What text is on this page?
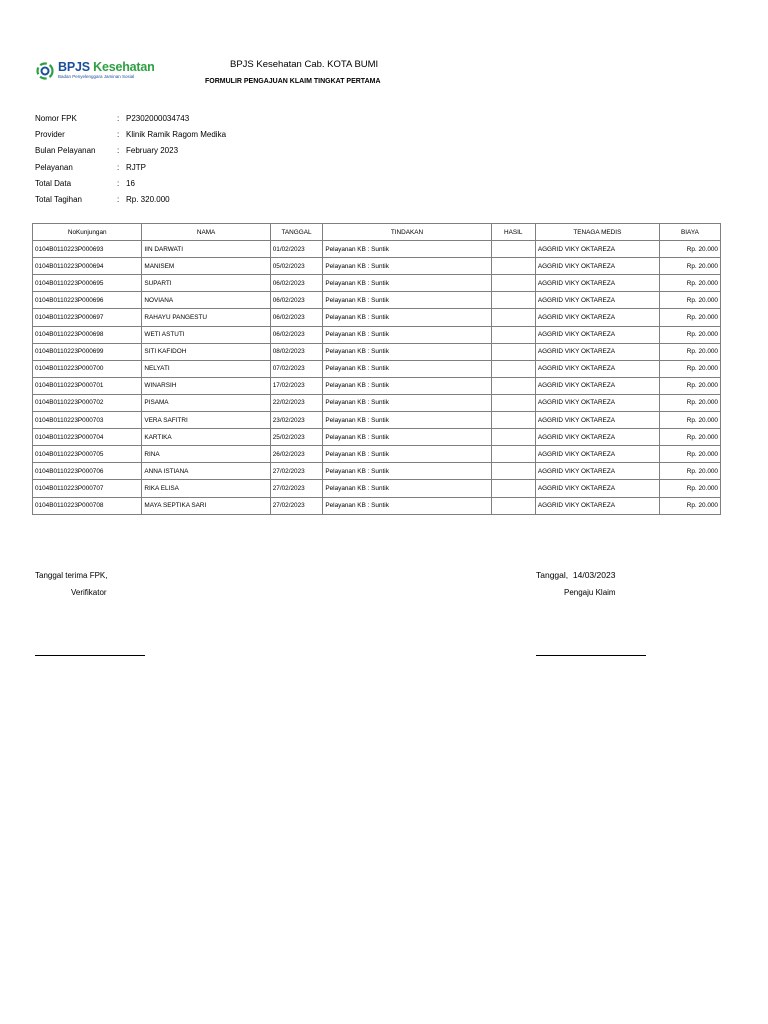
BPJS Kesehatan
Badan Penyelenggara Jaminan Sosial
BPJS Kesehatan Cab. KOTA BUMI
FORMULIR PENGAJUAN KLAIM TINGKAT PERTAMA
Nomor FPK	: P2302000034743
Provider	: Klinik Ramik Ragom Medika
Bulan Pelayanan	: February 2023
Pelayanan	: RJTP
Total Data	: 16
Total Tagihan	: Rp. 320.000
NoKunjungan	NAMA	TANGGAL	TINDAKAN	HASIL	TENAGA MEDIS	BIAYA
0104B0110223P000693	IIN DARWATI	01/02/2023	Pelayanan KB : Suntik		AGGRID VIKY OKTAREZA	Rp. 20.000
0104B0110223P000694	MANISEM	05/02/2023	Pelayanan KB : Suntik		AGGRID VIKY OKTAREZA	Rp. 20.000
0104B0110223P000695	SUPARTI	06/02/2023	Pelayanan KB : Suntik		AGGRID VIKY OKTAREZA	Rp. 20.000
0104B0110223P000696	NOVIANA	06/02/2023	Pelayanan KB : Suntik		AGGRID VIKY OKTAREZA	Rp. 20.000
0104B0110223P000697	RAHAYU PANGESTU	06/02/2023	Pelayanan KB : Suntik		AGGRID VIKY OKTAREZA	Rp. 20.000
0104B0110223P000698	WETI ASTUTI	06/02/2023	Pelayanan KB : Suntik		AGGRID VIKY OKTAREZA	Rp. 20.000
0104B0110223P000699	SITI KAFIDOH	08/02/2023	Pelayanan KB : Suntik		AGGRID VIKY OKTAREZA	Rp. 20.000
0104B0110223P000700	NELYATI	07/02/2023	Pelayanan KB : Suntik		AGGRID VIKY OKTAREZA	Rp. 20.000
0104B0110223P000701	WINARSIH	17/02/2023	Pelayanan KB : Suntik		AGGRID VIKY OKTAREZA	Rp. 20.000
0104B0110223P000702	PISAMA	22/02/2023	Pelayanan KB : Suntik		AGGRID VIKY OKTAREZA	Rp. 20.000
0104B0110223P000703	VERA SAFITRI	23/02/2023	Pelayanan KB : Suntik		AGGRID VIKY OKTAREZA	Rp. 20.000
0104B0110223P000704	KARTIKA	25/02/2023	Pelayanan KB : Suntik		AGGRID VIKY OKTAREZA	Rp. 20.000
0104B0110223P000705	RINA	26/02/2023	Pelayanan KB : Suntik		AGGRID VIKY OKTAREZA	Rp. 20.000
0104B0110223P000706	ANNA ISTIANA	27/02/2023	Pelayanan KB : Suntik		AGGRID VIKY OKTAREZA	Rp. 20.000
0104B0110223P000707	RIKA ELISA	27/02/2023	Pelayanan KB : Suntik		AGGRID VIKY OKTAREZA	Rp. 20.000
0104B0110223P000708	MAYA SEPTIKA SARI	27/02/2023	Pelayanan KB : Suntik		AGGRID VIKY OKTAREZA	Rp. 20.000
Tanggal terima FPK,
Verifikator
Tanggal, 14/03/2023
Pengaju Klaim
